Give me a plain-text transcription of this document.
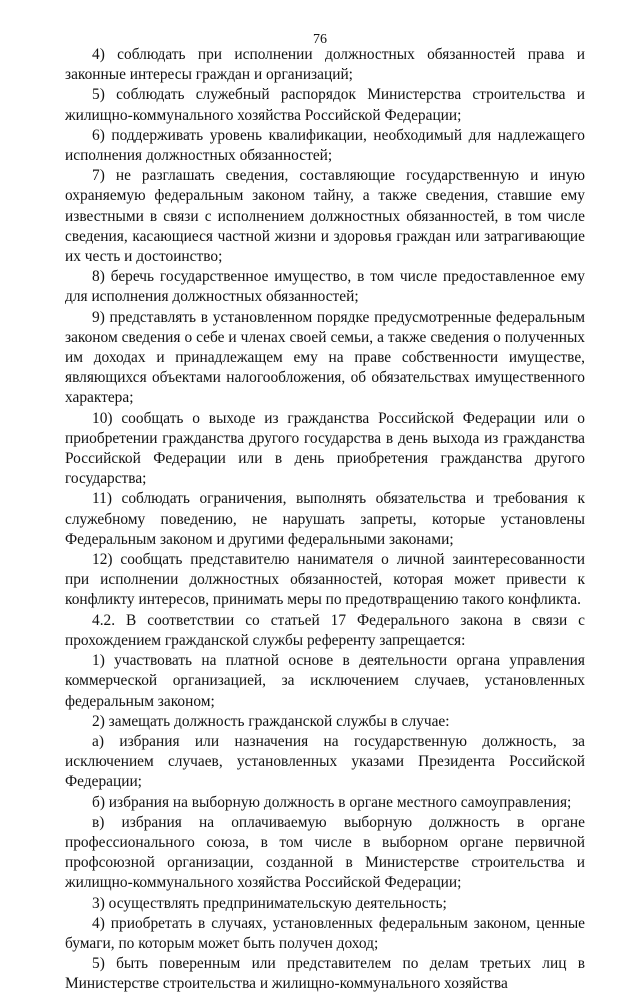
76

4) соблюдать при исполнении должностных обязанностей права и законные интересы граждан и организаций;

5) соблюдать служебный распорядок Министерства строительства и жилищно-коммунального хозяйства Российской Федерации;

6) поддерживать уровень квалификации, необходимый для надлежащего исполнения должностных обязанностей;

7) не разглашать сведения, составляющие государственную и иную охраняемую федеральным законом тайну, а также сведения, ставшие ему известными в связи с исполнением должностных обязанностей, в том числе сведения, касающиеся частной жизни и здоровья граждан или затрагивающие их честь и достоинство;

8) беречь государственное имущество, в том числе предоставленное ему для исполнения должностных обязанностей;

9) представлять в установленном порядке предусмотренные федеральным законом сведения о себе и членах своей семьи, а также сведения о полученных им доходах и принадлежащем ему на праве собственности имуществе, являющихся объектами налогообложения, об обязательствах имущественного характера;

10) сообщать о выходе из гражданства Российской Федерации или о приобретении гражданства другого государства в день выхода из гражданства Российской Федерации или в день приобретения гражданства другого государства;

11) соблюдать ограничения, выполнять обязательства и требования к служебному поведению, не нарушать запреты, которые установлены Федеральным законом и другими федеральными законами;

12) сообщать представителю нанимателя о личной заинтересованности при исполнении должностных обязанностей, которая может привести к конфликту интересов, принимать меры по предотвращению такого конфликта.

4.2. В соответствии со статьей 17 Федерального закона в связи с прохождением гражданской службы референту запрещается:

1) участвовать на платной основе в деятельности органа управления коммерческой организацией, за исключением случаев, установленных федеральным законом;

2) замещать должность гражданской службы в случае:

а) избрания или назначения на государственную должность, за исключением случаев, установленных указами Президента Российской Федерации;

б) избрания на выборную должность в органе местного самоуправления;

в) избрания на оплачиваемую выборную должность в органе профессионального союза, в том числе в выборном органе первичной профсоюзной организации, созданной в Министерстве строительства и жилищно-коммунального хозяйства Российской Федерации;

3) осуществлять предпринимательскую деятельность;

4) приобретать в случаях, установленных федеральным законом, ценные бумаги, по которым может быть получен доход;

5) быть поверенным или представителем по делам третьих лиц в Министерстве строительства и жилищно-коммунального хозяйства
